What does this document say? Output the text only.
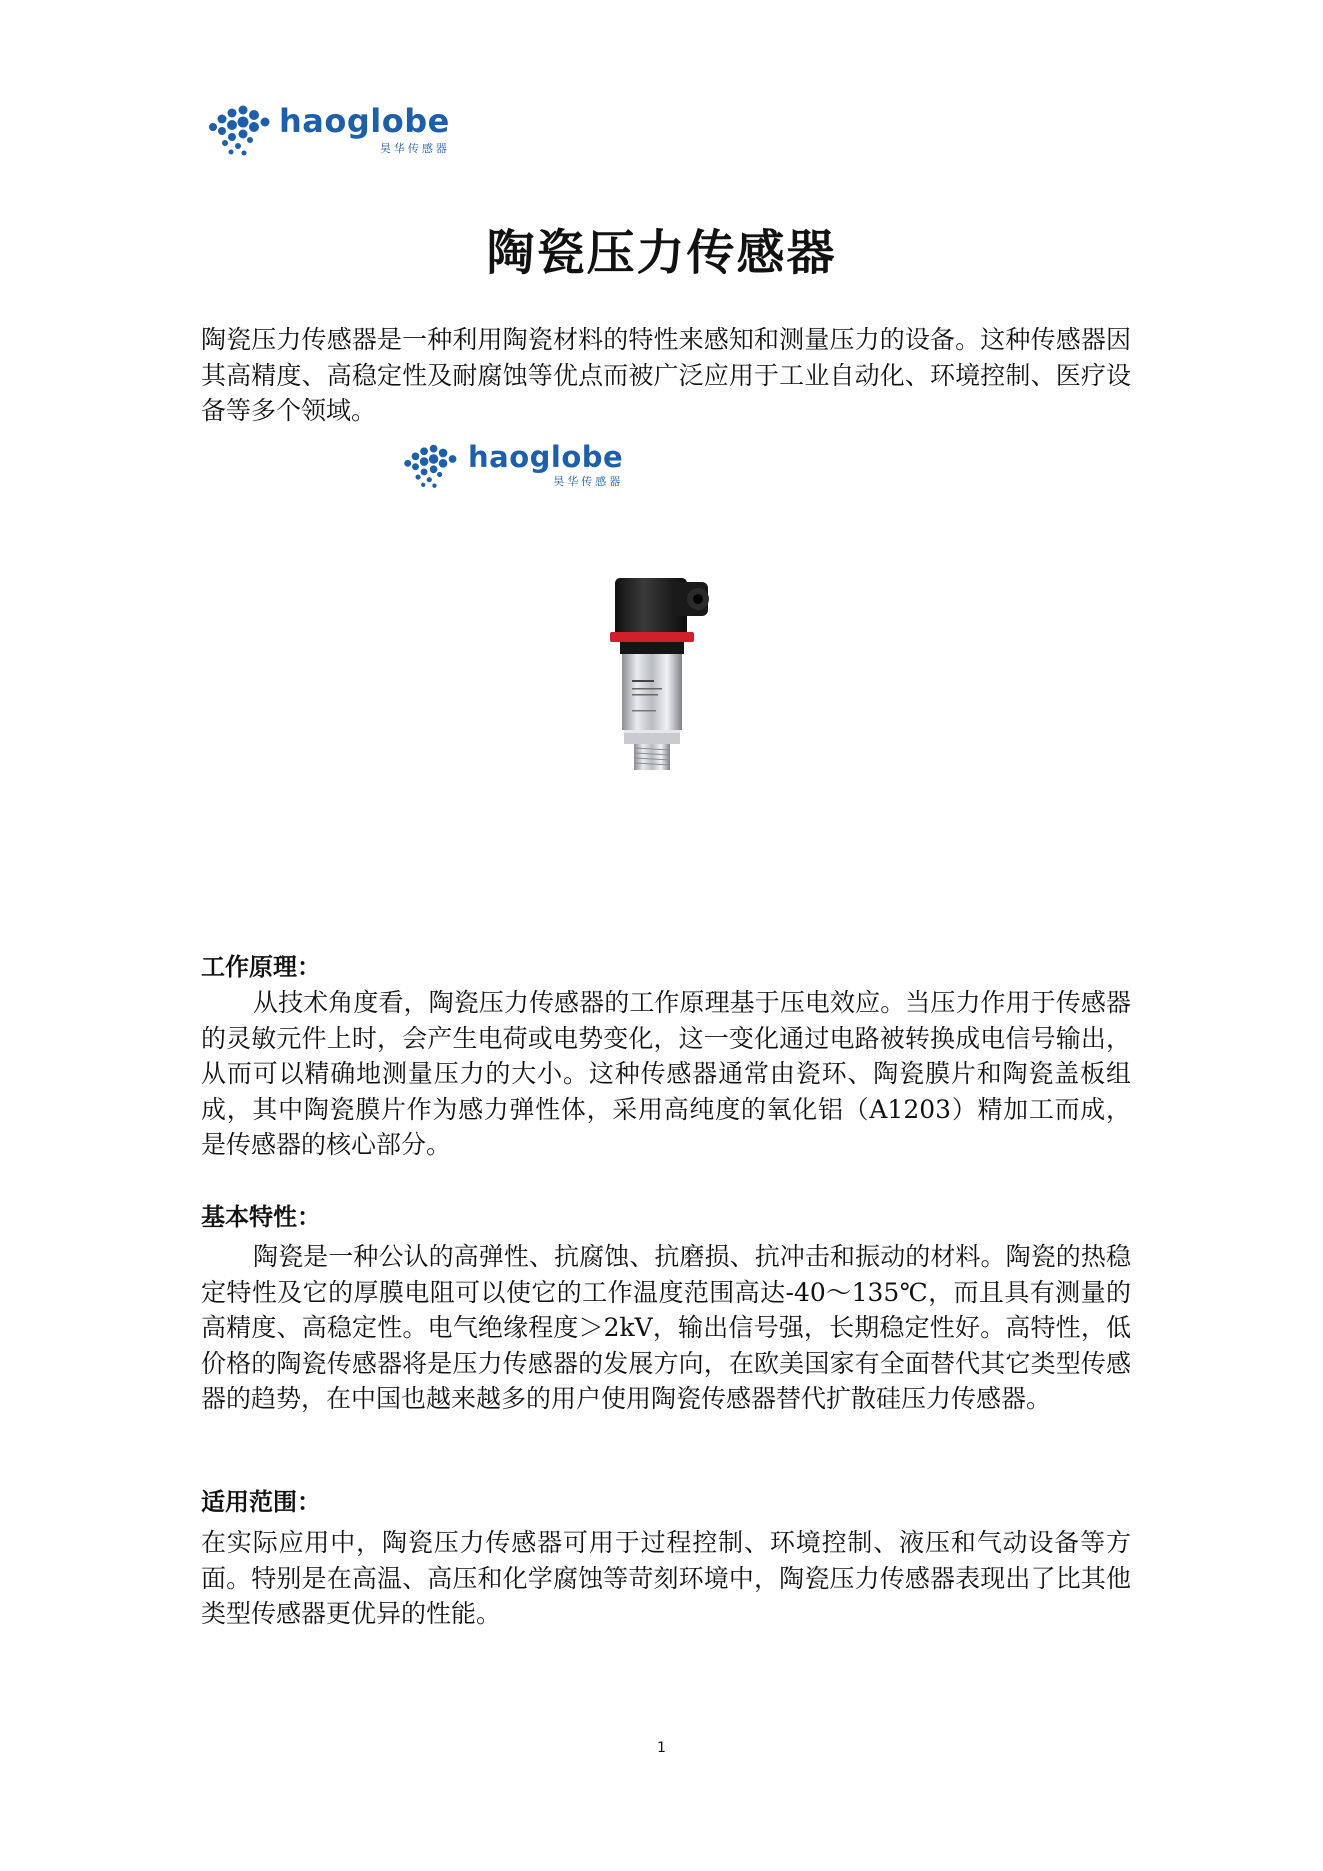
haoglobe
昊华传感器
陶瓷压力传感器

陶瓷压力传感器是一种利用陶瓷材料的特性来感知和测量压力的设备。这种传感器因其高精度、高稳定性及耐腐蚀等优点而被广泛应用于工业自动化、环境控制、医疗设备等多个领域。

haoglobe
昊华传感器
工作原理：

从技术角度看，陶瓷压力传感器的工作原理基于压电效应。当压力作用于传感器的灵敏元件上时，会产生电荷或电势变化，这一变化通过电路被转换成电信号输出，从而可以精确地测量压力的大小。这种传感器通常由瓷环、陶瓷膜片和陶瓷盖板组成，其中陶瓷膜片作为感力弹性体，采用高纯度的氧化铝（A1203）精加工而成，是传感器的核心部分。

基本特性：

陶瓷是一种公认的高弹性、抗腐蚀、抗磨损、抗冲击和振动的材料。陶瓷的热稳定特性及它的厚膜电阻可以使它的工作温度范围高达-40～135℃，而且具有测量的高精度、高稳定性。电气绝缘程度＞2kV，输出信号强，长期稳定性好。高特性，低价格的陶瓷传感器将是压力传感器的发展方向，在欧美国家有全面替代其它类型传感器的趋势，在中国也越来越多的用户使用陶瓷传感器替代扩散硅压力传感器。

适用范围：

在实际应用中，陶瓷压力传感器可用于过程控制、环境控制、液压和气动设备等方面。特别是在高温、高压和化学腐蚀等苛刻环境中，陶瓷压力传感器表现出了比其他类型传感器更优异的性能。

1
